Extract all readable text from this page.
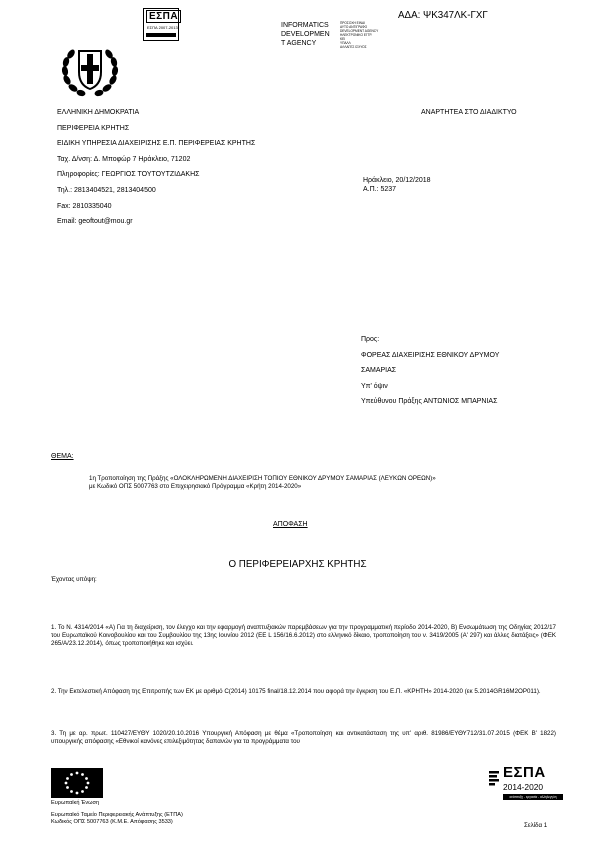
ΕΣΠΑ
ΕΣΠΑ 2007-2013	INFORMATICS
DEVELOPMEN
T AGENCY
ΠΡΟΣΟΧΗ ΕΙΝΑΙ
ΑΥΤΟ ΑΝΤΙΓΡΑΦΟ
DEVELOPMENT AGENCY
ΗΛΕΚΤΡΟΝΙΚΟ ΕΓΓΡ.
ΚΕΙ
ΥΠΑΛΛ
ΑΛΛΑΓΕΣ ΙΣΧΥΟΣ
ΑΔΑ: ΨΚ347ΛΚ-ΓΧΓ
ΕΛΛΗΝΙΚΗ ΔΗΜΟΚΡΑΤΙΑ
ΠΕΡΙΦΕΡΕΙΑ ΚΡΗΤΗΣ
ΕΙΔΙΚΗ ΥΠΗΡΕΣΙΑ ΔΙΑΧΕΙΡΙΣΗΣ Ε.Π. ΠΕΡΙΦΕΡΕΙΑΣ ΚΡΗΤΗΣ
Ταχ. Δ/νση: Δ. Μποφώρ 7 Ηράκλειο, 71202
Πληροφορίες: ΓΕΩΡΓΙΟΣ ΤΟΥΤΟΥΤΖΙΔΑΚΗΣ
Τηλ.: 2813404521, 2813404500
Fax: 2810335040
Email: geoftout@mou.gr
ΑΝΑΡΤΗΤΕΑ ΣΤΟ ΔΙΑΔΙΚΤΥΟ
Ηράκλειο, 20/12/2018
Α.Π.: 5237
Προς:
ΦΟΡΕΑΣ ΔΙΑΧΕΙΡΙΣΗΣ ΕΘΝΙΚΟΥ ΔΡΥΜΟΥ
ΣΑΜΑΡΙΑΣ
Υπ' όψιν
Υπεύθυνου Πράξης ΑΝΤΩΝΙΟΣ ΜΠΑΡΝΙΑΣ
ΘΕΜΑ:
1η Τροποποίηση της Πράξης «ΟΛΟΚΛΗΡΩΜΕΝΗ ΔΙΑΧΕΙΡΙΣΗ ΤΟΠΙΟΥ ΕΘΝΙΚΟΥ ΔΡΥΜΟΥ ΣΑΜΑΡΙΑΣ (ΛΕΥΚΩΝ ΟΡΕΩΝ)»
με Κωδικό ΟΠΣ 5007763 στο Επιχειρησιακό Πρόγραμμα «Κρήτη 2014-2020»
ΑΠΟΦΑΣΗ
Ο ΠΕΡΙΦΕΡΕΙΑΡΧΗΣ ΚΡΗΤΗΣ
Έχοντας υπόψη:
1. Το Ν. 4314/2014 «Α) Για τη διαχείριση, τον έλεγχο και την εφαρμογή αναπτυξιακών παρεμβάσεων για την προγραμματική περίοδο 2014-2020, Β) Ενσωμάτωση της Οδηγίας 2012/17 του Ευρωπαϊκού Κοινοβουλίου και του Συμβουλίου της 13ης Ιουνίου 2012 (ΕΕ L 156/16.6.2012) στο ελληνικό δίκαιο, τροποποίηση του ν. 3419/2005 (Α' 297) και άλλες διατάξεις» (ΦΕΚ 265/Α/23.12.2014), όπως τροποποιήθηκε και ισχύει.
2. Την Εκτελεστική Απόφαση της Επιτροπής των ΕΚ με αριθμό C(2014) 10175 final/18.12.2014 που αφορά την έγκριση του Ε.Π. «ΚΡΗΤΗ» 2014-2020 (εκ 5.2014GR16M2OP011).
3. Τη με αρ. πρωτ. 110427/ΕΥΘΥ 1020/20.10.2016 Υπουργική Απόφαση με θέμα «Τροποποίηση και αντικατάσταση της υπ' αριθ. 81986/ΕΥΘΥ712/31.07.2015 (ΦΕΚ Β' 1822) υπουργικής απόφασης «Εθνικοί κανόνες επιλεξιμότητας δαπανών για τα προγράμματα του
Ευρωπαϊκή Ένωση
Ευρωπαϊκό Ταμείο Περιφερειακής Ανάπτυξης (ΕΤΠΑ)
Κωδικός ΟΠΣ 5007763 (Κ.Μ.Ε. Απόφασης 3533)
ΕΣΠΑ
2014-2020
ανάπτυξη - εργασία - αλληλεγγύη
Σελίδα 1
